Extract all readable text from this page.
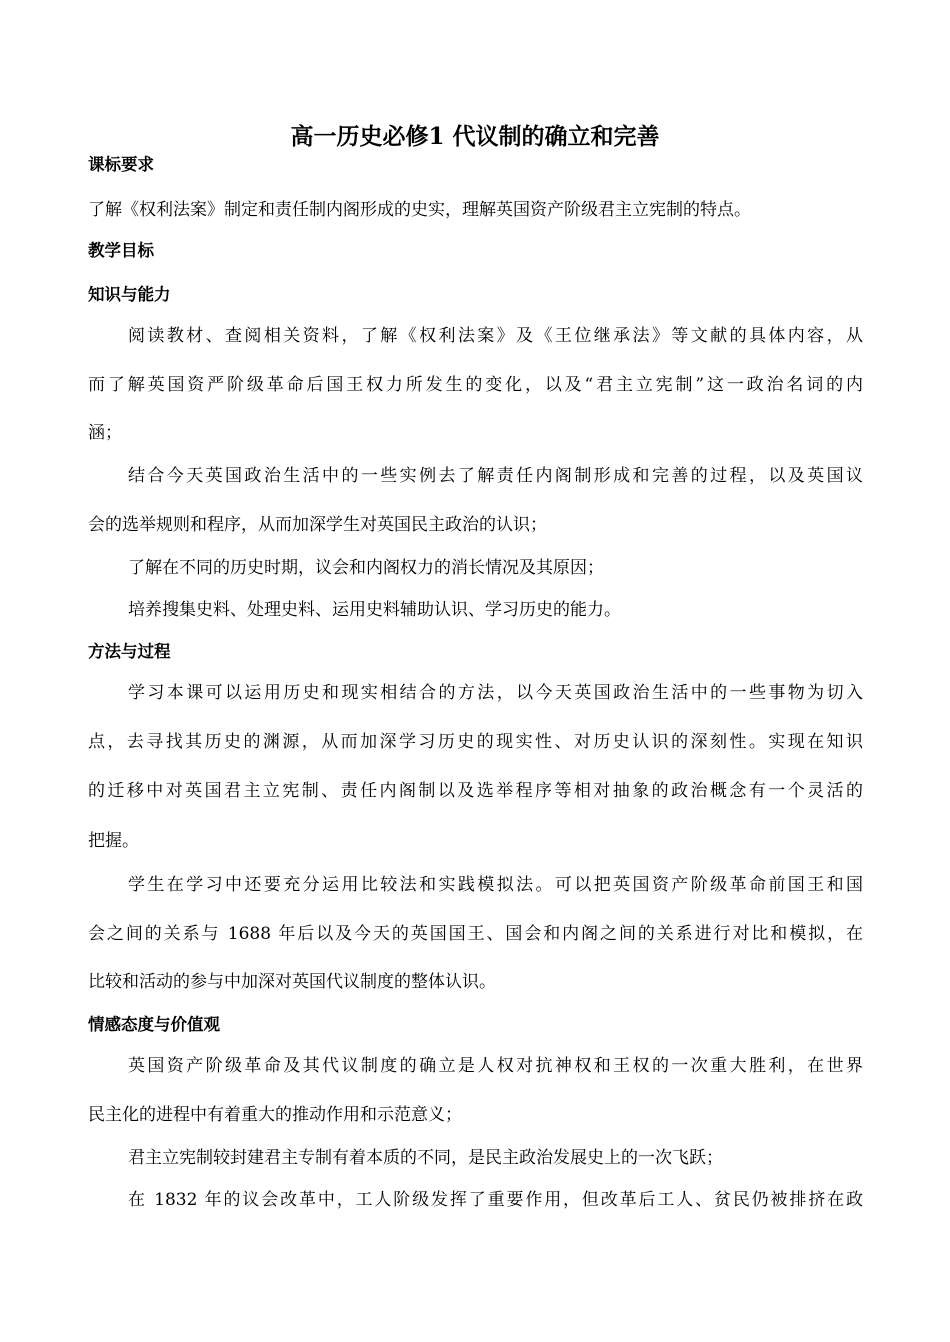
高一历史必修1 代议制的确立和完善
课标要求
了解《权利法案》制定和责任制内阁形成的史实，理解英国资产阶级君主立宪制的特点。
教学目标
知识与能力
阅读教材、查阅相关资料，了解《权利法案》及《王位继承法》等文献的具体内容，从
而了解英国资严阶级革命后国王权力所发生的变化，以及“君主立宪制”这一政治名词的内
涵；
结合今天英国政治生活中的一些实例去了解责任内阁制形成和完善的过程，以及英国议
会的选举规则和程序，从而加深学生对英国民主政治的认识；
了解在不同的历史时期，议会和内阁权力的消长情况及其原因；
培养搜集史料、处理史料、运用史料辅助认识、学习历史的能力。
方法与过程
学习本课可以运用历史和现实相结合的方法，以今天英国政治生活中的一些事物为切入
点，去寻找其历史的渊源，从而加深学习历史的现实性、对历史认识的深刻性。实现在知识
的迁移中对英国君主立宪制、责任内阁制以及选举程序等相对抽象的政治概念有一个灵活的
把握。
学生在学习中还要充分运用比较法和实践模拟法。可以把英国资产阶级革命前国王和国
会之间的关系与 1688 年后以及今天的英国国王、国会和内阁之间的关系进行对比和模拟，在
比较和活动的参与中加深对英国代议制度的整体认识。
情感态度与价值观
英国资产阶级革命及其代议制度的确立是人权对抗神权和王权的一次重大胜利，在世界
民主化的进程中有着重大的推动作用和示范意义；
君主立宪制较封建君主专制有着本质的不同，是民主政治发展史上的一次飞跃；
在 1832 年的议会改革中，工人阶级发挥了重要作用，但改革后工人、贫民仍被排挤在政
